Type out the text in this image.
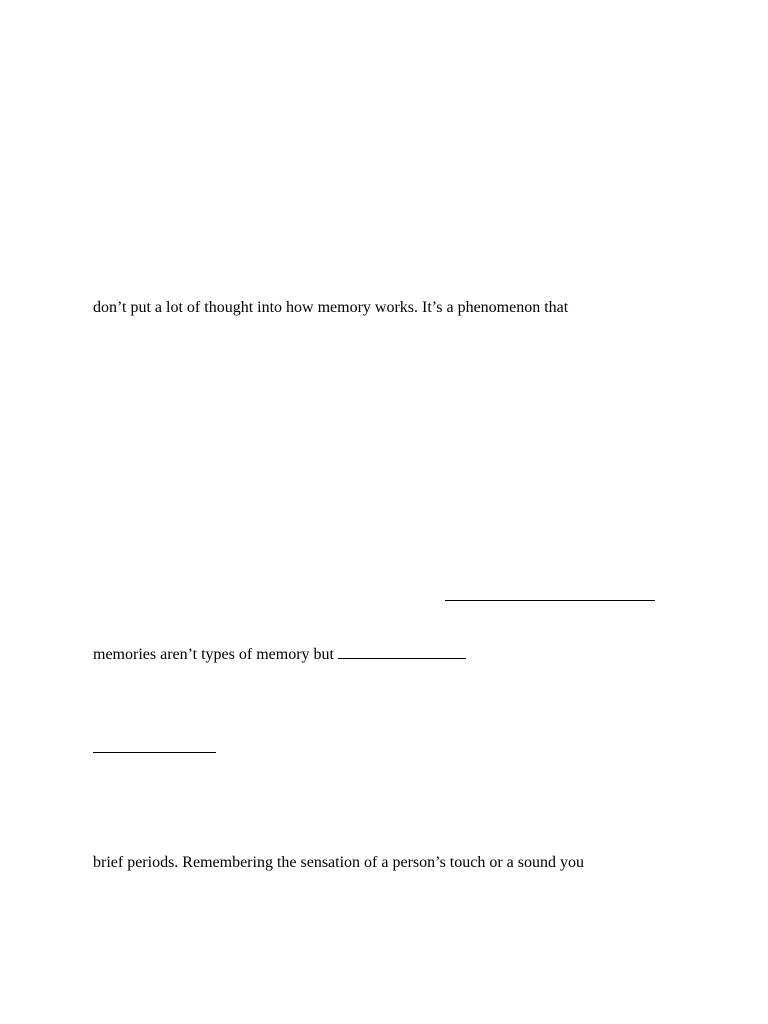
don’t put a lot of thought into how memory works. It’s a phenomenon that
memories aren’t types of memory but
brief periods. Remembering the sensation of a person’s touch or a sound you
